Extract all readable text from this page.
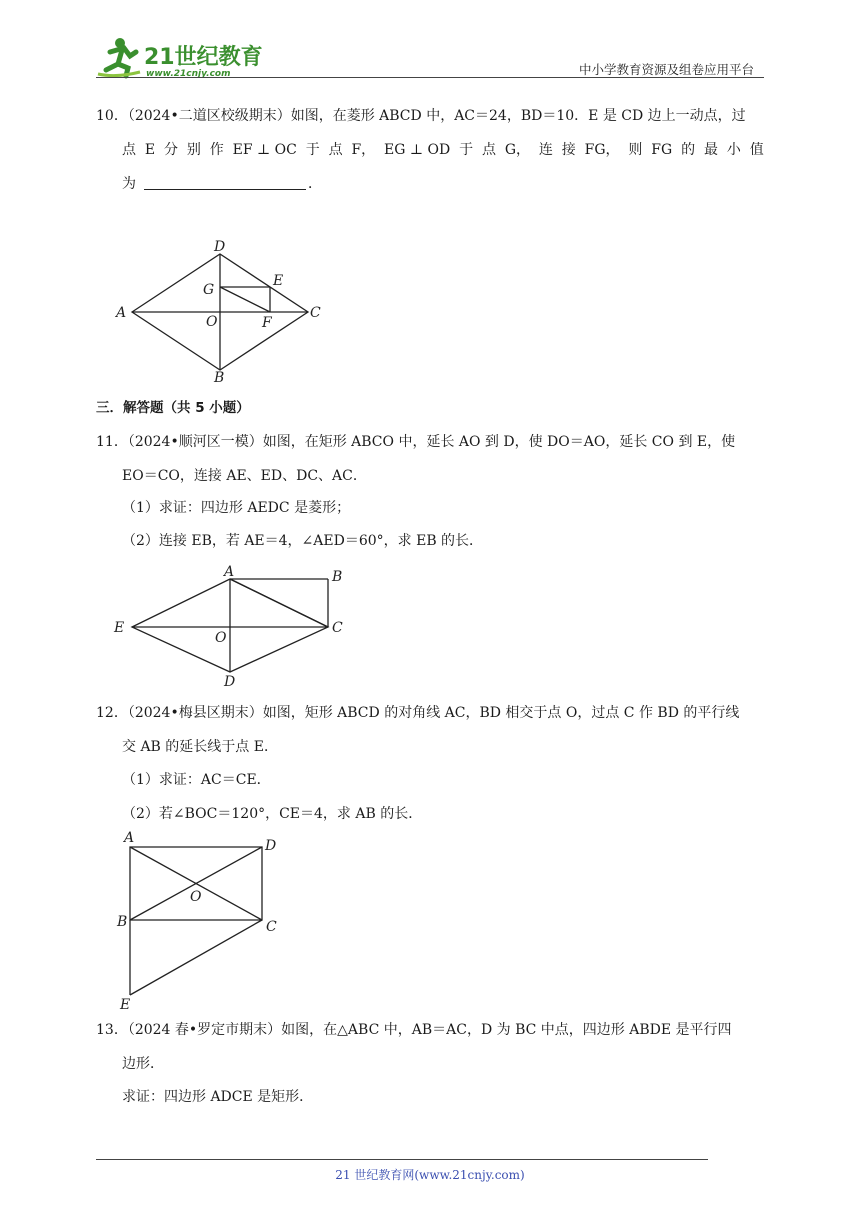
21世纪教育
www.21cnjy.com	中小学教育资源及组卷应用平台
10．（2024•二道区校级期末）如图，在菱形 ABCD 中，AC＝24，BD＝10．E 是 CD 边上一动点，过
点 E 分 别 作 EF ⊥ OC 于 点 F， EG ⊥ OD 于 点 G， 连 接 FG， 则 FG 的 最 小 值
为	．
A
D
C
B
E
G
O	F
三．解答题（共 5 小题）
11．（2024•顺河区一模）如图，在矩形 ABCO 中，延长 AO 到 D，使 DO＝AO，延长 CO 到 E，使
EO＝CO，连接 AE、ED、DC、AC．
（1）求证：四边形 AEDC 是菱形；
（2）连接 EB，若 AE＝4，∠AED＝60°，求 EB 的长．
A	B
E	C
O
D
12．（2024•梅县区期末）如图，矩形 ABCD 的对角线 AC，BD 相交于点 O，过点 C 作 BD 的平行线
交 AB 的延长线于点 E．
（1）求证：AC＝CE．
（2）若∠BOC＝120°，CE＝4，求 AB 的长．
A	D
O
B	C
E
13．（2024 春•罗定市期末）如图，在△ABC 中，AB＝AC，D 为 BC 中点，四边形 ABDE 是平行四
边形．
求证：四边形 ADCE 是矩形．
21 世纪教育网(www.21cnjy.com)
